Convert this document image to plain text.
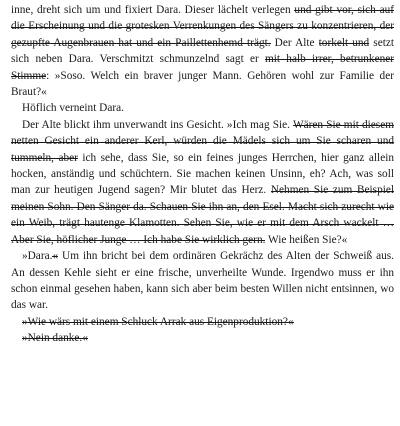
inne, dreht sich um und fixiert Dara. Dieser lächelt verlegen und gibt vor, sich auf die Erscheinung und die grotesken Verrenkungen des Sängers zu konzentrieren, der gezupfte Augenbrauen hat und ein Paillettenhemd trägt. Der Alte torkelt und setzt sich neben Dara. Verschmitzt schmunzelnd sagt er mit halb irrer, betrunkener Stimme: »Soso. Welch ein braver junger Mann. Gehören wohl zur Familie der Braut?«

Höflich verneint Dara.

Der Alte blickt ihm unverwandt ins Gesicht. »Ich mag Sie. Wären Sie mit diesem netten Gesicht ein anderer Kerl, würden die Mädels sich um Sie scharen und tummeln, aber ich sehe, dass Sie, so ein feines junges Herrchen, hier ganz allein hocken, anständig und schüchtern. Sie machen keinen Unsinn, eh? Ach, was soll man zur heutigen Jugend sagen? Mir blutet das Herz. Nehmen Sie zum Beispiel meinen Sohn. Den Sänger da. Schauen Sie ihn an, den Esel. Macht sich zurecht wie ein Weib, trägt hautenge Klamotten. Sehen Sie, wie er mit dem Arsch wackelt … Aber Sie, höflicher Junge … Ich habe Sie wirklich gern. Wie heißen Sie?«

»Dara.« Um ihn bricht bei dem ordinären Gekrächz des Alten der Schweiß aus. An dessen Kehle sieht er eine frische, unverheilte Wunde. Irgendwo muss er ihn schon einmal gesehen haben, kann sich aber beim besten Willen nicht entsinnen, wo das war.

»Wie wärs mit einem Schluck Arrak aus Eigenproduktion?«

»Nein danke.«
